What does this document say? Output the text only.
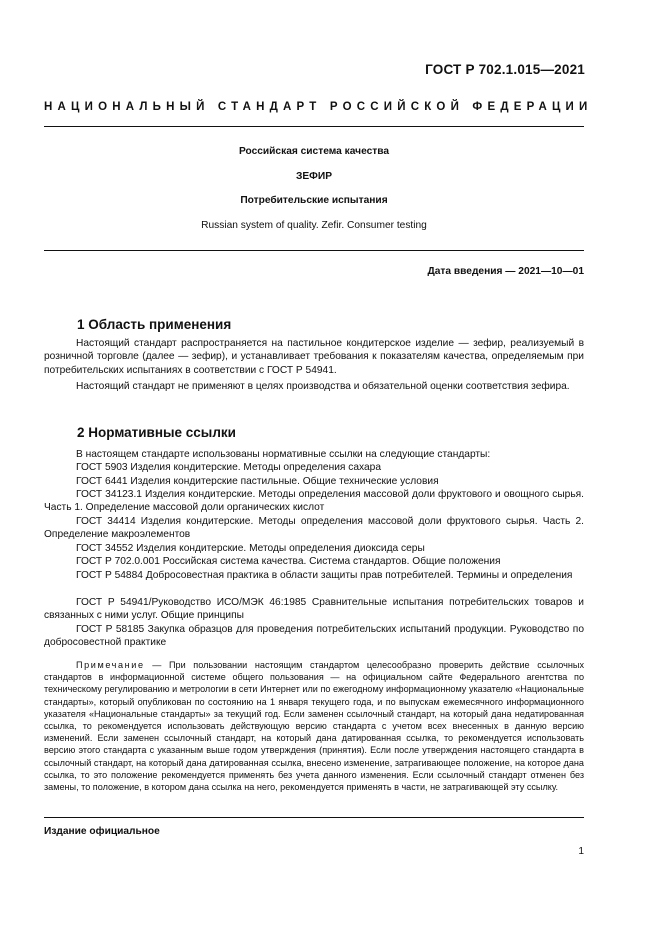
ГОСТ Р 702.1.015—2021
НАЦИОНАЛЬНЫЙ СТАНДАРТ РОССИЙСКОЙ ФЕДЕРАЦИИ
Российская система качества
ЗЕФИР
Потребительские испытания
Russian system of quality. Zefir. Consumer testing
Дата введения — 2021—10—01
1 Область применения

Настоящий стандарт распространяется на пастильное кондитерское изделие — зефир, реализуемый в розничной торговле (далее — зефир), и устанавливает требования к показателям качества, определяемым при потребительских испытаниях в соответствии с ГОСТ Р 54941.

Настоящий стандарт не применяют в целях производства и обязательной оценки соответствия зефира.

2 Нормативные ссылки
В настоящем стандарте использованы нормативные ссылки на следующие стандарты:
ГОСТ 5903 Изделия кондитерские. Методы определения сахара
ГОСТ 6441 Изделия кондитерские пастильные. Общие технические условия
ГОСТ 34123.1 Изделия кондитерские. Методы определения массовой доли фруктового и овощного сырья. Часть 1. Определение массовой доли органических кислот
ГОСТ 34414 Изделия кондитерские. Методы определения массовой доли фруктового сырья. Часть 2. Определение макроэлементов
ГОСТ 34552 Изделия кондитерские. Методы определения диоксида серы
ГОСТ Р 702.0.001 Российская система качества. Система стандартов. Общие положения
ГОСТ Р 54884 Добросовестная практика в области защиты прав потребителей. Термины и определения
ГОСТ Р 54941/Руководство ИСО/МЭК 46:1985 Сравнительные испытания потребительских товаров и связанных с ними услуг. Общие принципы
ГОСТ Р 58185 Закупка образцов для проведения потребительских испытаний продукции. Руководство по добросовестной практике
Примечание — При пользовании настоящим стандартом целесообразно проверить действие ссылочных стандартов в информационной системе общего пользования — на официальном сайте Федерального агентства по техническому регулированию и метрологии в сети Интернет или по ежегодному информационному указателю «Национальные стандарты», который опубликован по состоянию на 1 января текущего года, и по выпускам ежемесячного информационного указателя «Национальные стандарты» за текущий год. Если заменен ссылочный стандарт, на который дана недатированная ссылка, то рекомендуется использовать действующую версию стандарта с учетом всех внесенных в данную версию изменений. Если заменен ссылочный стандарт, на который дана датированная ссылка, то рекомендуется использовать версию этого стандарта с указанным выше годом утверждения (принятия). Если после утверждения настоящего стандарта в ссылочный стандарт, на который дана датированная ссылка, внесено изменение, затрагивающее положение, на которое дана ссылка, то это положение рекомендуется применять без учета данного изменения. Если ссылочный стандарт отменен без замены, то положение, в котором дана ссылка на него, рекомендуется применять в части, не затрагивающей эту ссылку.
Издание официальное
1
